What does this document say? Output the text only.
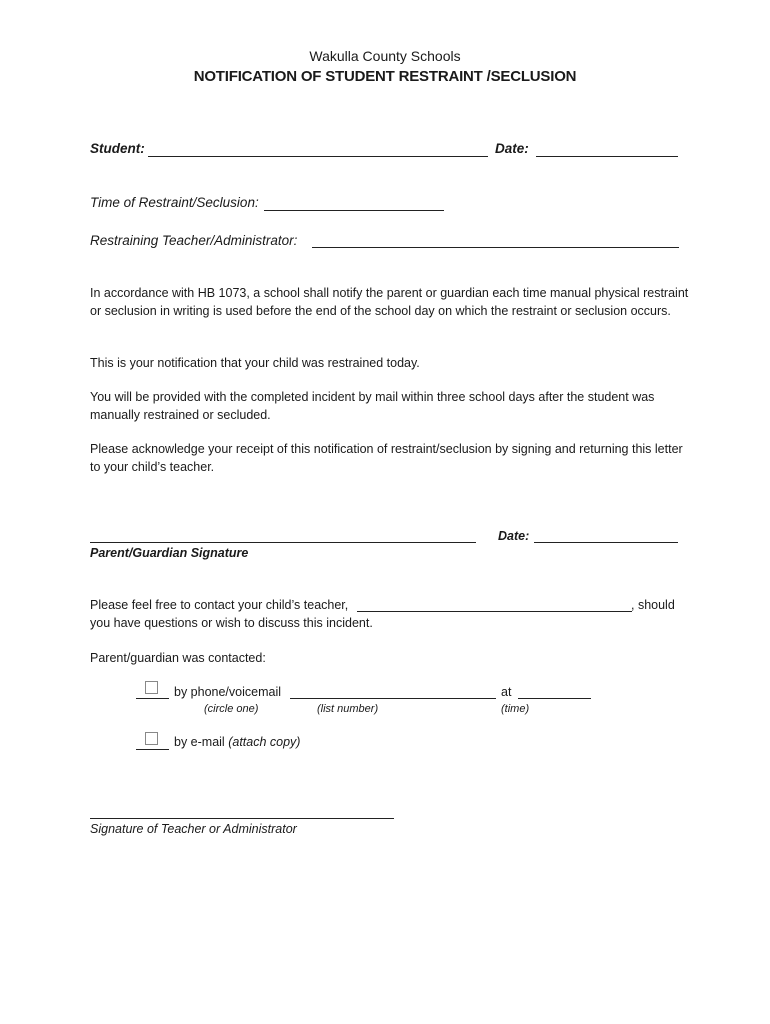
Wakulla County Schools
NOTIFICATION OF STUDENT RESTRAINT /SECLUSION
Student:	Date:
Time of Restraint/Seclusion:
Restraining Teacher/Administrator:

In accordance with HB 1073, a school shall notify the parent or guardian each time manual physical restraint or seclusion in writing is used before the end of the school day on which the restraint or seclusion occurs.

This is your notification that your child was restrained today.

You will be provided with the completed incident by mail within three school days after the student was manually restrained or secluded.

Please acknowledge your receipt of this notification of restraint/seclusion by signing and returning this letter to your child’s teacher.

Date:
Parent/Guardian Signature
Please feel free to contact your child’s teacher,	, should
you have questions or wish to discuss this incident.
Parent/guardian was contacted:
by phone/voicemail	at
(circle one)	(list number)	(time)
by e-mail (attach copy)
Signature of Teacher or Administrator
